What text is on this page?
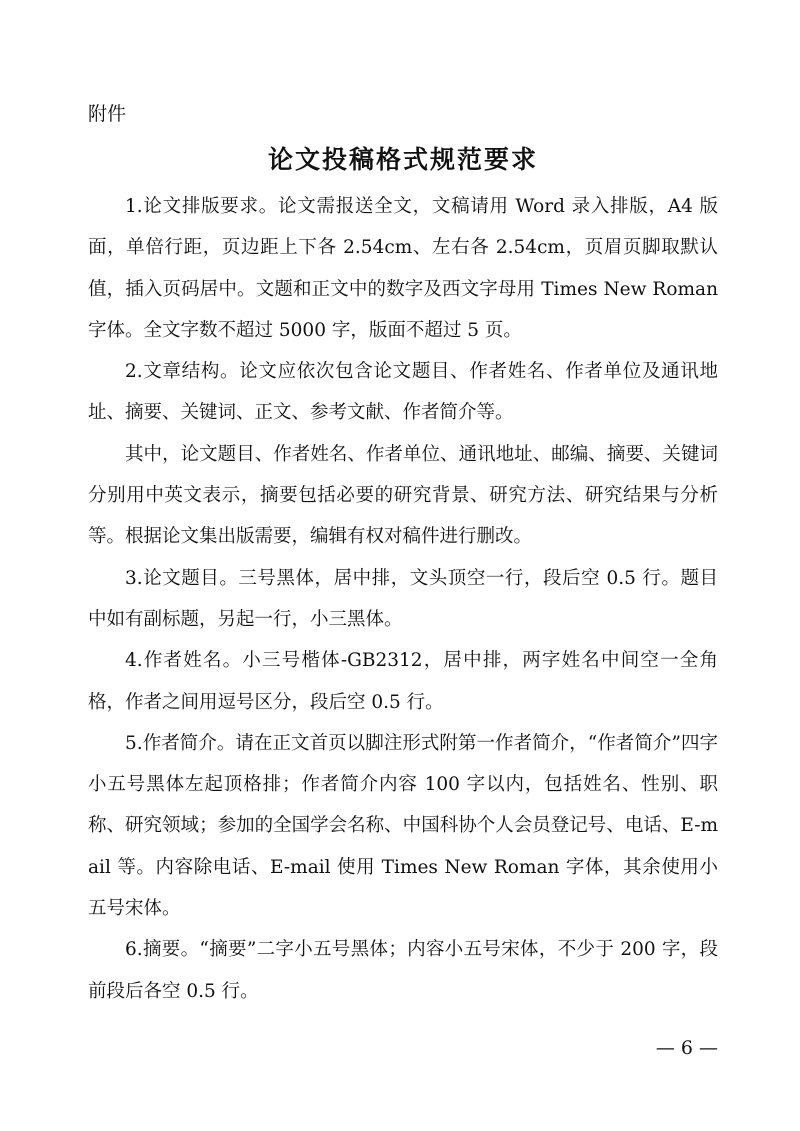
附件
论文投稿格式规范要求

1.论文排版要求。论文需报送全文，文稿请用 Word 录入排版，A4 版面，单倍行距，页边距上下各 2.54cm、左右各 2.54cm，页眉页脚取默认值，插入页码居中。文题和正文中的数字及西文字母用 Times New Roman 字体。全文字数不超过 5000 字，版面不超过 5 页。

2.文章结构。论文应依次包含论文题目、作者姓名、作者单位及通讯地址、摘要、关键词、正文、参考文献、作者简介等。

其中，论文题目、作者姓名、作者单位、通讯地址、邮编、摘要、关键词分别用中英文表示，摘要包括必要的研究背景、研究方法、研究结果与分析等。根据论文集出版需要，编辑有权对稿件进行删改。

3.论文题目。三号黑体，居中排，文头顶空一行，段后空 0.5 行。题目中如有副标题，另起一行，小三黑体。

4.作者姓名。小三号楷体-GB2312，居中排，两字姓名中间空一全角格，作者之间用逗号区分，段后空 0.5 行。

5.作者简介。请在正文首页以脚注形式附第一作者简介，“作者简介”四字小五号黑体左起顶格排；作者简介内容 100 字以内，包括姓名、性别、职称、研究领域；参加的全国学会名称、中国科协个人会员登记号、电话、E-mail 等。内容除电话、E-mail 使用 Times New Roman 字体，其余使用小五号宋体。

6.摘要。“摘要”二字小五号黑体；内容小五号宋体，不少于 200 字，段前段后各空 0.5 行。

— 6 —
